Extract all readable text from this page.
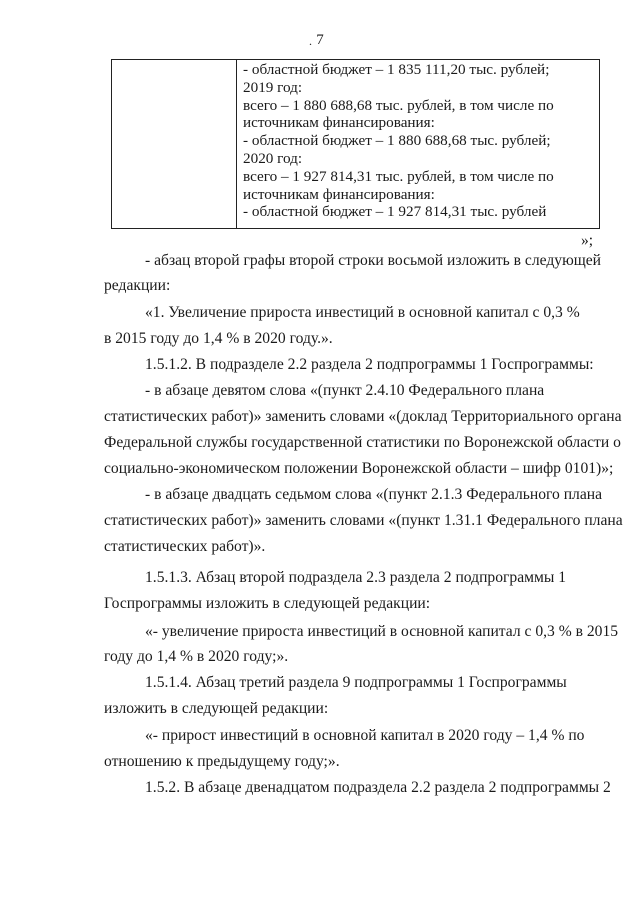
. 7
- областной бюджет – 1 835 111,20 тыс. рублей;
2019 год:
всего – 1 880 688,68 тыс. рублей, в том числе по
источникам финансирования:
- областной бюджет – 1 880 688,68 тыс. рублей;
2020 год:
всего – 1 927 814,31 тыс. рублей, в том числе по
источникам финансирования:
- областной бюджет – 1 927 814,31 тыс. рублей
»;
- абзац второй графы второй строки восьмой изложить в следующей
редакции:
«1. Увеличение прироста инвестиций в основной капитал с 0,3 %
в 2015 году до 1,4 % в 2020 году.».
1.5.1.2. В подразделе 2.2 раздела 2 подпрограммы 1 Госпрограммы:
- в абзаце девятом слова «(пункт 2.4.10 Федерального плана
статистических работ)» заменить словами «(доклад Территориального органа
Федеральной службы государственной статистики по Воронежской области о
социально-экономическом положении Воронежской области – шифр 0101)»;
- в абзаце двадцать седьмом слова «(пункт 2.1.3 Федерального плана
статистических работ)» заменить словами «(пункт 1.31.1 Федерального плана
статистических работ)».
1.5.1.3. Абзац второй подраздела 2.3 раздела 2 подпрограммы 1
Госпрограммы изложить в следующей редакции:
«- увеличение прироста инвестиций в основной капитал с 0,3 % в 2015
году до 1,4 % в 2020 году;».
1.5.1.4. Абзац третий раздела 9 подпрограммы 1 Госпрограммы
изложить в следующей редакции:
«- прирост инвестиций в основной капитал в 2020 году – 1,4 % по
отношению к предыдущему году;».
1.5.2. В абзаце двенадцатом подраздела 2.2 раздела 2 подпрограммы 2
